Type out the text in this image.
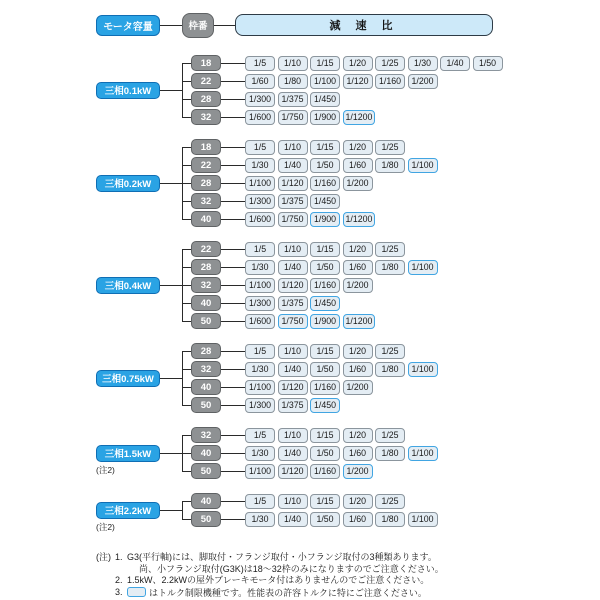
モータ容量	枠番	減 速 比
三相0.1kW
18	1/5	1/10	1/15	1/20	1/25	1/30	1/40	1/50
22	1/60	1/80	1/100	1/120	1/160	1/200
28	1/300	1/375	1/450
32	1/600	1/750	1/900	1/1200
三相0.2kW
18	1/5	1/10	1/15	1/20	1/25
22	1/30	1/40	1/50	1/60	1/80	1/100
28	1/100	1/120	1/160	1/200
32	1/300	1/375	1/450
40	1/600	1/750	1/900	1/1200
三相0.4kW
22	1/5	1/10	1/15	1/20	1/25
28	1/30	1/40	1/50	1/60	1/80	1/100
32	1/100	1/120	1/160	1/200
40	1/300	1/375	1/450
50	1/600	1/750	1/900	1/1200
三相0.75kW
28	1/5	1/10	1/15	1/20	1/25
32	1/30	1/40	1/50	1/60	1/80	1/100
40	1/100	1/120	1/160	1/200
50	1/300	1/375	1/450
三相1.5kW
(注2)
32	1/5	1/10	1/15	1/20	1/25
40	1/30	1/40	1/50	1/60	1/80	1/100
50	1/100	1/120	1/160	1/200
三相2.2kW
(注2)
40	1/5	1/10	1/15	1/20	1/25
50	1/30	1/40	1/50	1/60	1/80	1/100
(注) 1. G3(平行軸)には、脚取付・フランジ取付・小フランジ取付の3種類あります。
尚、小フランジ取付(G3K)は18～32枠のみになりますのでご注意ください。
2. 1.5kW、2.2kWの屋外ブレーキモータ付はありませんのでご注意ください。
3.	はトルク制限機種です。性能表の許容トルクに特にご注意ください。
